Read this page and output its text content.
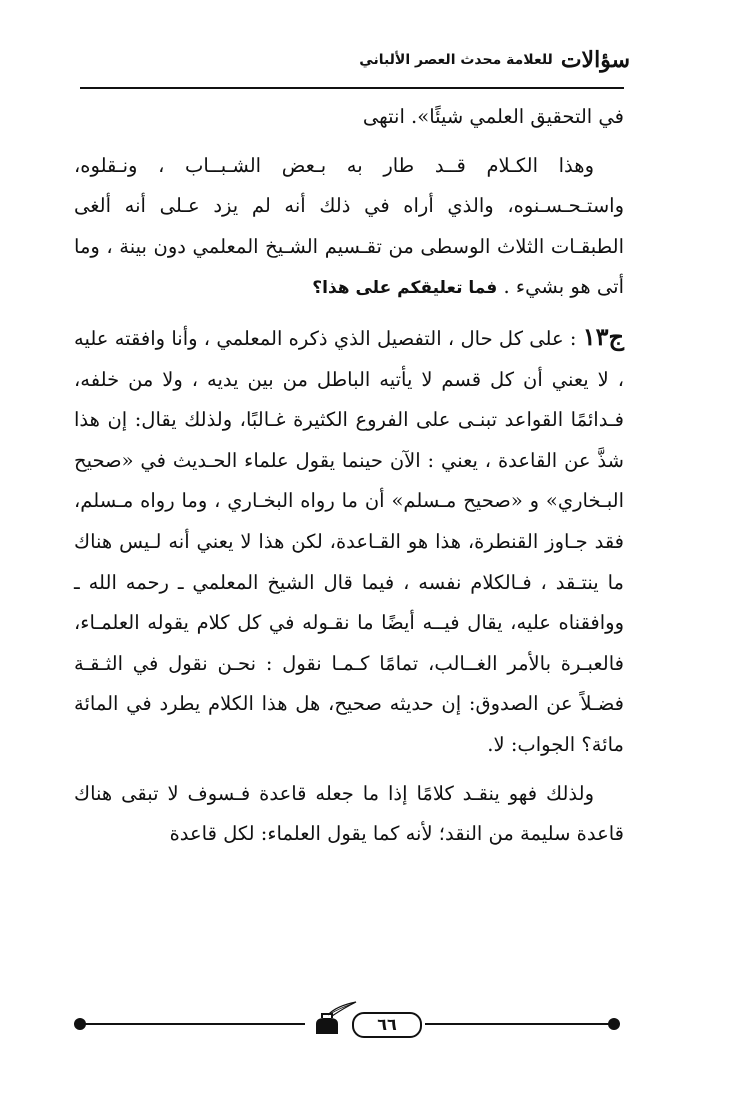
سؤالات
للعلامة محدث العصر الألباني

في التحقيق العلمي شيئًا». انتهى

وهذا الكـلام قــد طار به بـعض الشـبــاب ، ونـقلوه، واستـحـسـنوه، والذي أراه في ذلك أنه لم يزد عـلى أنه ألغى الطبقـات الثلاث الوسطى من تقـسيم الشـيخ المعلمي دون بينة ، وما أتى هو بشيء . فما تعليقكم على هذا؟

ج١٣ : على كل حال ، التفصيل الذي ذكره المعلمي ، وأنا وافقته عليه ، لا يعني أن كل قسم لا يأتيه الباطل من بين يديه ، ولا من خلفه، فـدائمًا القواعد تبنـى على الفروع الكثيرة غـالبًا، ولذلك يقال: إن هذا شذَّ عن القاعدة ، يعني : الآن حينما يقول علماء الحـديث في «صحيح البـخاري» و «صحيح مـسلم» أن ما رواه البخـاري ، وما رواه مـسلم، فقد جـاوز القنطرة، هذا هو القـاعدة، لكن هذا لا يعني أنه لـيس هناك ما ينتـقد ، فـالكلام نفسه ، فيما قال الشيخ المعلمي ـ رحمه الله ـ ووافقناه عليه، يقال فيــه أيضًا ما نقـوله في كل كلام يقوله العلمـاء، فالعبـرة بالأمر الغــالب، تمامًا كـمـا نقول : نحـن نقول في الثـقـة فضـلاً عن الصدوق: إن حديثه صحيح، هل هذا الكلام يطرد في المائة مائة؟ الجواب: لا.

ولذلك فهو ينقـد كلامًا إذا ما جعله قاعدة فـسوف لا تبقى هناك قاعدة سليمة من النقد؛ لأنه كما يقول العلماء: لكل قاعدة

٦٦
